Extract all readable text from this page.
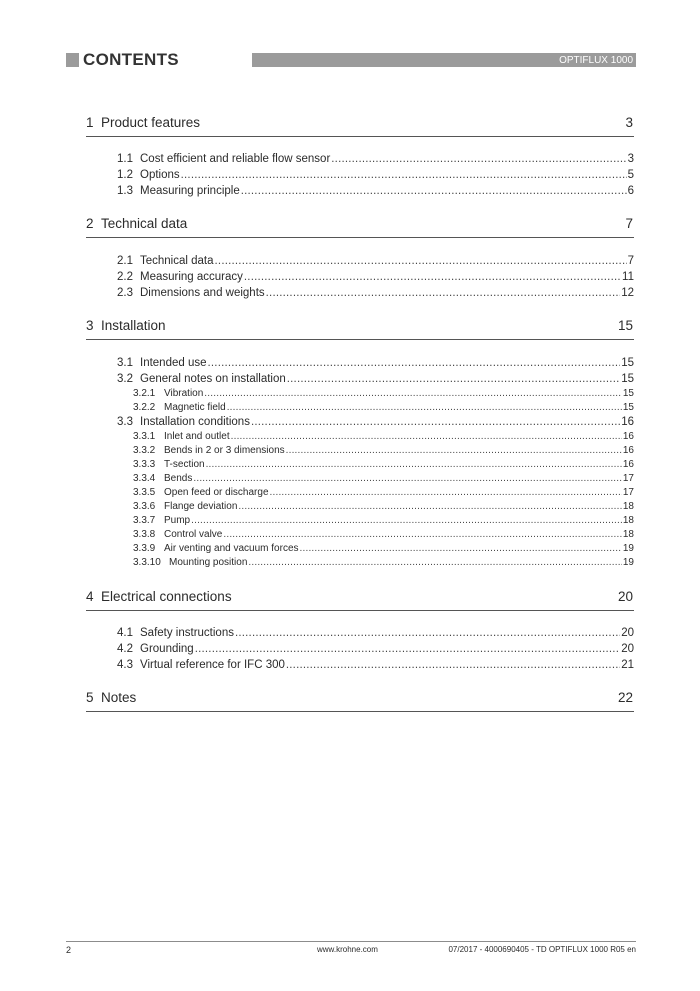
CONTENTS	OPTIFLUX 1000
1 Product features	3
1.1 Cost efficient and reliable flow sensor .....	3
1.2 Options .....	5
1.3 Measuring principle .....	6
2 Technical data	7
2.1 Technical data .....	7
2.2 Measuring accuracy .....	11
2.3 Dimensions and weights .....	12
3 Installation	15
3.1 Intended use .....	15
3.2 General notes on installation .....	15
3.2.1 Vibration .....	15
3.2.2 Magnetic field .....	15
3.3 Installation conditions .....	16
3.3.1 Inlet and outlet .....	16
3.3.2 Bends in 2 or 3 dimensions .....	16
3.3.3 T-section .....	16
3.3.4 Bends .....	17
3.3.5 Open feed or discharge .....	17
3.3.6 Flange deviation .....	18
3.3.7 Pump .....	18
3.3.8 Control valve .....	18
3.3.9 Air venting and vacuum forces .....	19
3.3.10 Mounting position .....	19
4 Electrical connections	20
4.1 Safety instructions .....	20
4.2 Grounding .....	20
4.3 Virtual reference for IFC 300 .....	21
5 Notes	22
2	www.krohne.com	07/2017 - 4000690405 - TD OPTIFLUX 1000 R05 en
